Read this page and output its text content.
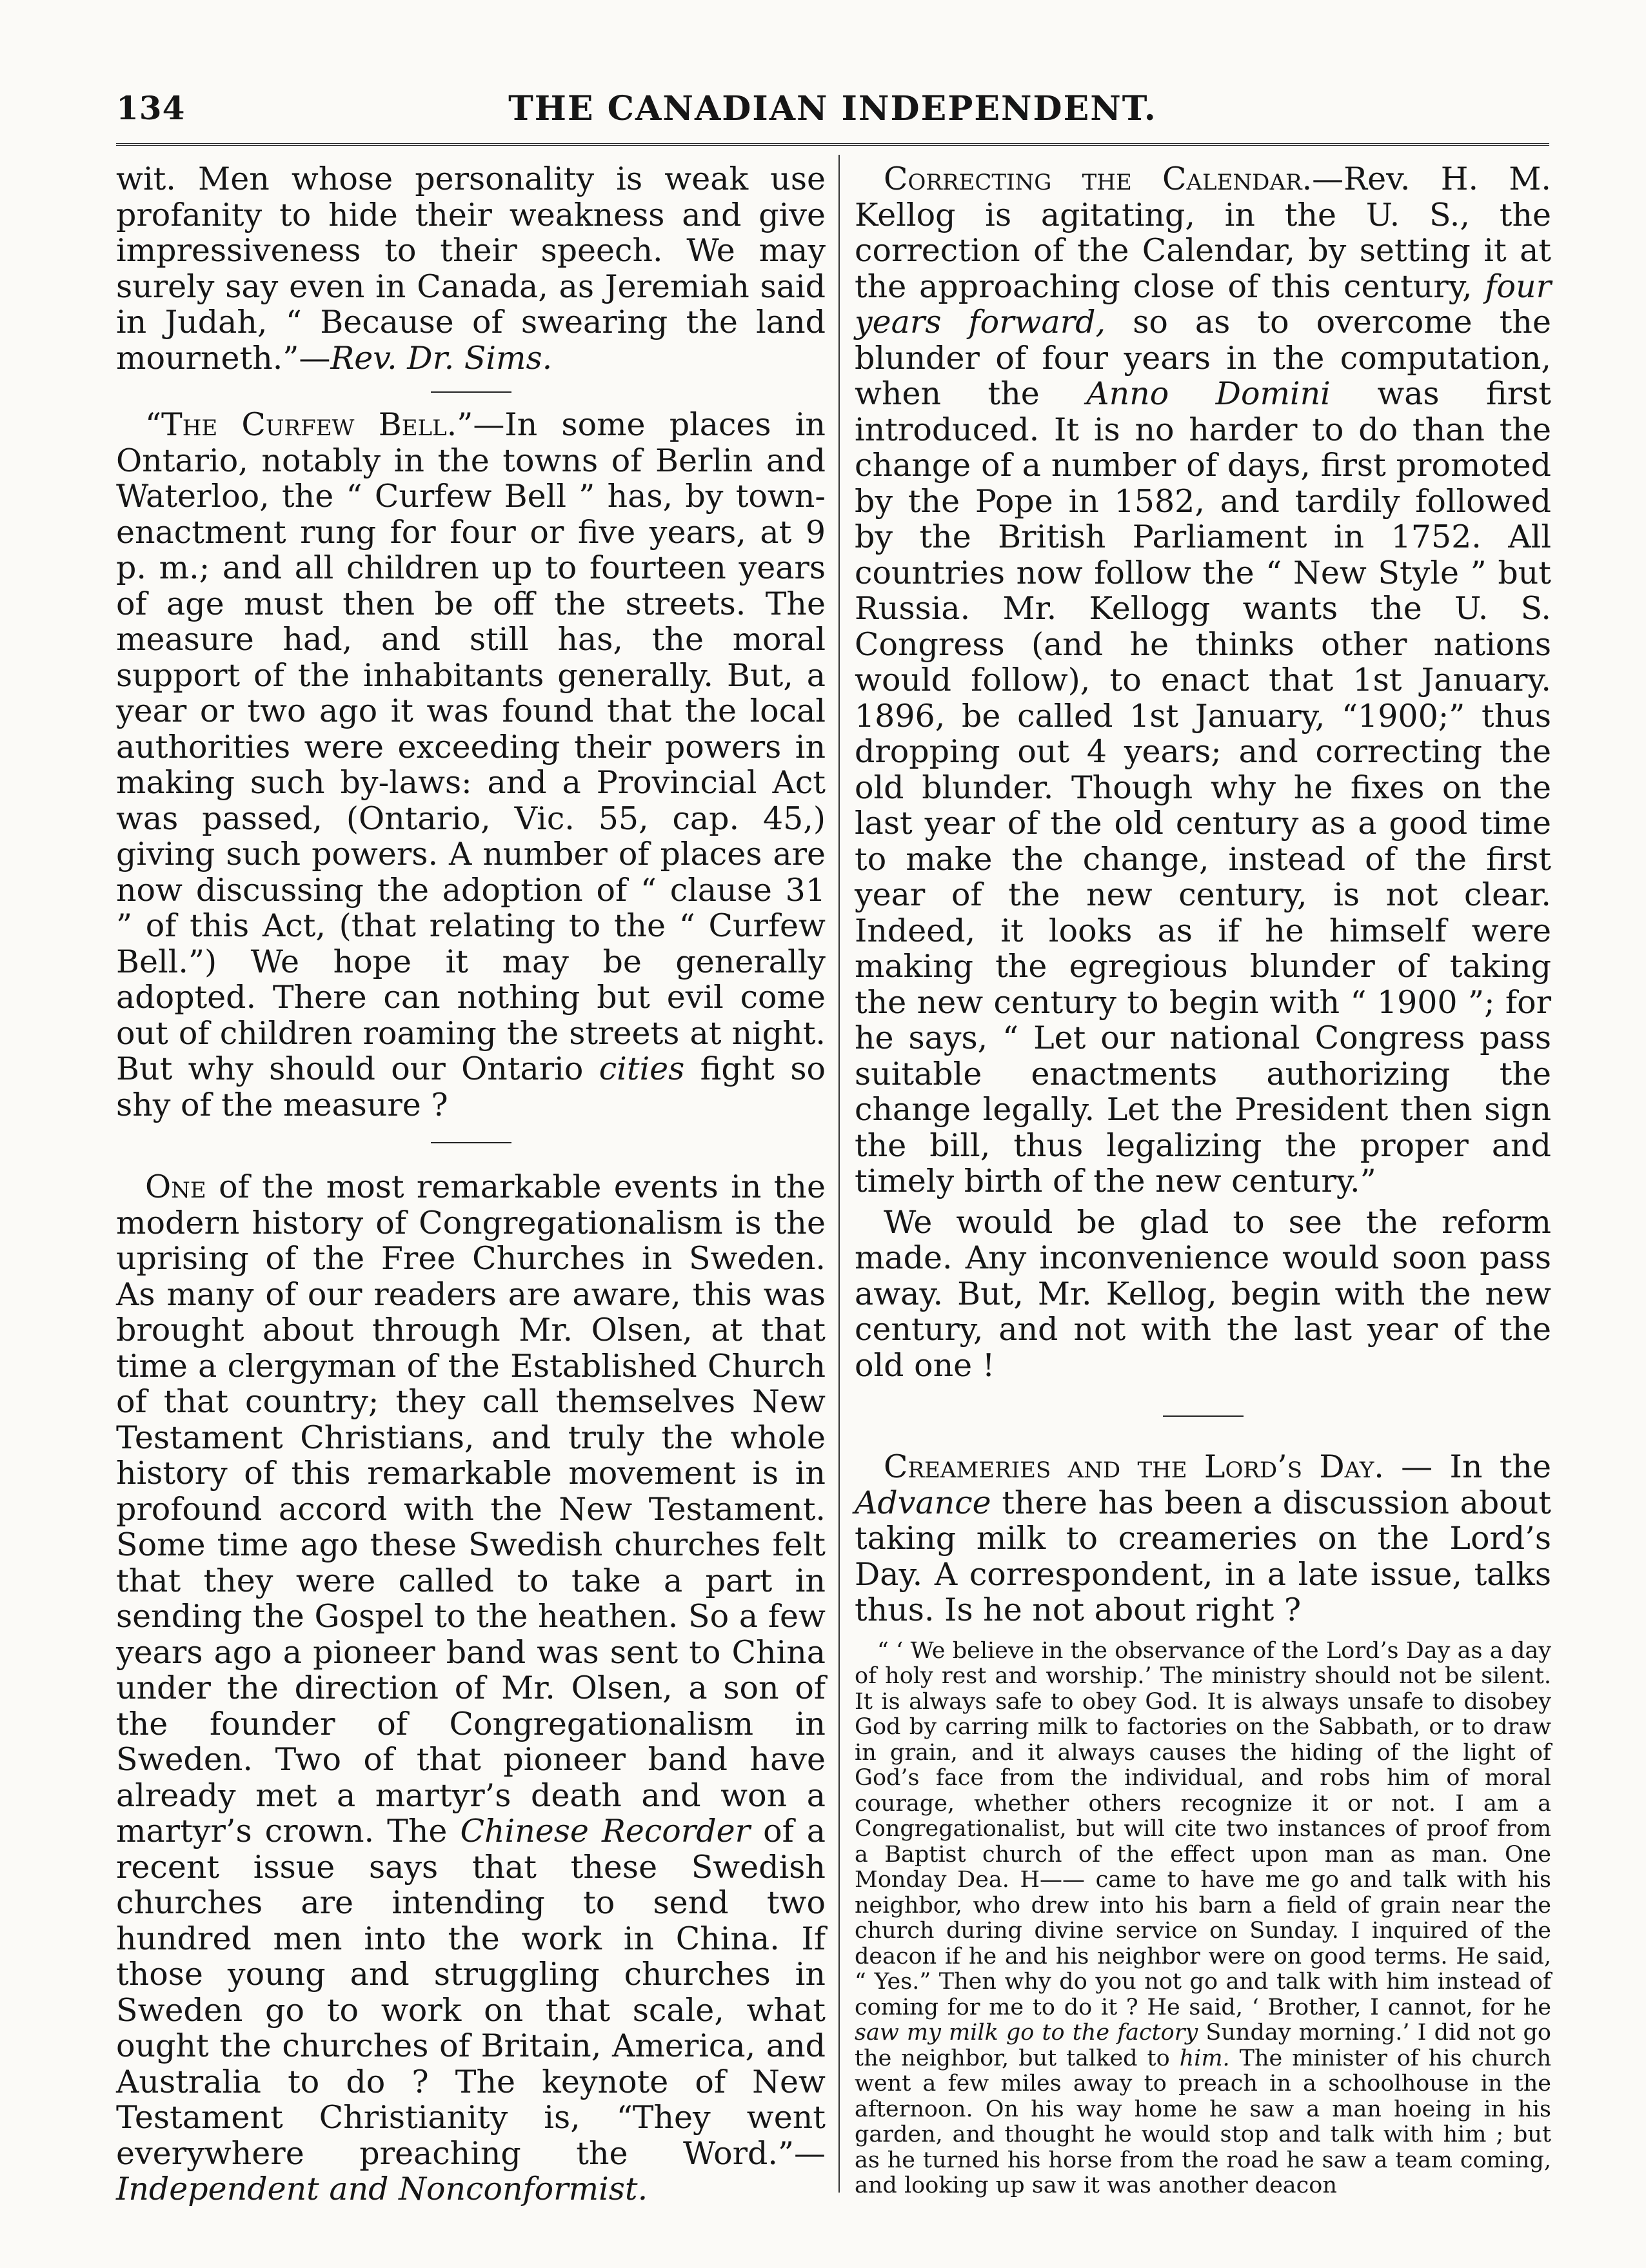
134	THE CANADIAN INDEPENDENT.

wit. Men whose personality is weak use profanity to hide their weakness and give impressiveness to their speech. We may surely say even in Canada, as Jeremiah said in Judah, “ Because of swearing the land mourneth.”—Rev. Dr. Sims.

“The Curfew Bell.”—In some places in Ontario, notably in the towns of Berlin and Waterloo, the “ Curfew Bell ” has, by town-enactment rung for four or five years, at 9 p. m.; and all children up to fourteen years of age must then be off the streets. The measure had, and still has, the moral support of the inhabitants generally. But, a year or two ago it was found that the local authorities were exceeding their powers in making such by-laws: and a Provincial Act was passed, (Ontario, Vic. 55, cap. 45,) giving such powers. A number of places are now discussing the adoption of “ clause 31 ” of this Act, (that relating to the “ Curfew Bell.”) We hope it may be generally adopted. There can nothing but evil come out of children roaming the streets at night. But why should our Ontario cities fight so shy of the measure ?

One of the most remarkable events in the modern history of Congregationalism is the uprising of the Free Churches in Sweden. As many of our readers are aware, this was brought about through Mr. Olsen, at that time a clergyman of the Established Church of that country; they call themselves New Testament Christians, and truly the whole history of this remarkable movement is in profound accord with the New Testament. Some time ago these Swedish churches felt that they were called to take a part in sending the Gospel to the heathen. So a few years ago a pioneer band was sent to China under the direction of Mr. Olsen, a son of the founder of Congregationalism in Sweden. Two of that pioneer band have already met a martyr’s death and won a martyr’s crown. The Chinese Recorder of a recent issue says that these Swedish churches are intending to send two hundred men into the work in China. If those young and struggling churches in Sweden go to work on that scale, what ought the churches of Britain, America, and Australia to do ? The keynote of New Testament Christianity is, “They went everywhere preaching the Word.”—Independent and Nonconformist.

Correcting the Calendar.—Rev. H. M. Kellog is agitating, in the U. S., the correction of the Calendar, by setting it at the approaching close of this century, four years forward, so as to overcome the blunder of four years in the computation, when the Anno Domini was first introduced. It is no harder to do than the change of a number of days, first promoted by the Pope in 1582, and tardily followed by the British Parliament in 1752. All countries now follow the “ New Style ” but Russia. Mr. Kellogg wants the U. S. Congress (and he thinks other nations would follow), to enact that 1st January. 1896, be called 1st January, “1900;” thus dropping out 4 years; and correcting the old blunder. Though why he fixes on the last year of the old century as a good time to make the change, instead of the first year of the new century, is not clear. Indeed, it looks as if he himself were making the egregious blunder of taking the new century to begin with “ 1900 ”; for he says, “ Let our national Congress pass suitable enactments authorizing the change legally. Let the President then sign the bill, thus legalizing the proper and timely birth of the new century.”

We would be glad to see the reform made. Any inconvenience would soon pass away. But, Mr. Kellog, begin with the new century, and not with the last year of the old one !

Creameries and the Lord’s Day. — In the Advance there has been a discussion about taking milk to creameries on the Lord’s Day. A correspondent, in a late issue, talks thus. Is he not about right ?

“ ‘ We believe in the observance of the Lord’s Day as a day of holy rest and worship.’ The ministry should not be silent. It is always safe to obey God. It is always unsafe to disobey God by carring milk to factories on the Sabbath, or to draw in grain, and it always causes the hiding of the light of God’s face from the individual, and robs him of moral courage, whether others recognize it or not. I am a Congregationalist, but will cite two instances of proof from a Baptist church of the effect upon man as man. One Monday Dea. H—— came to have me go and talk with his neighbor, who drew into his barn a field of grain near the church during divine service on Sunday. I inquired of the deacon if he and his neighbor were on good terms. He said, “ Yes.” Then why do you not go and talk with him instead of coming for me to do it ? He said, ‘ Brother, I cannot, for he saw my milk go to the factory Sunday morning.’ I did not go the neighbor, but talked to him. The minister of his church went a few miles away to preach in a schoolhouse in the afternoon. On his way home he saw a man hoeing in his garden, and thought he would stop and talk with him ; but as he turned his horse from the road he saw a team coming, and looking up saw it was another deacon
